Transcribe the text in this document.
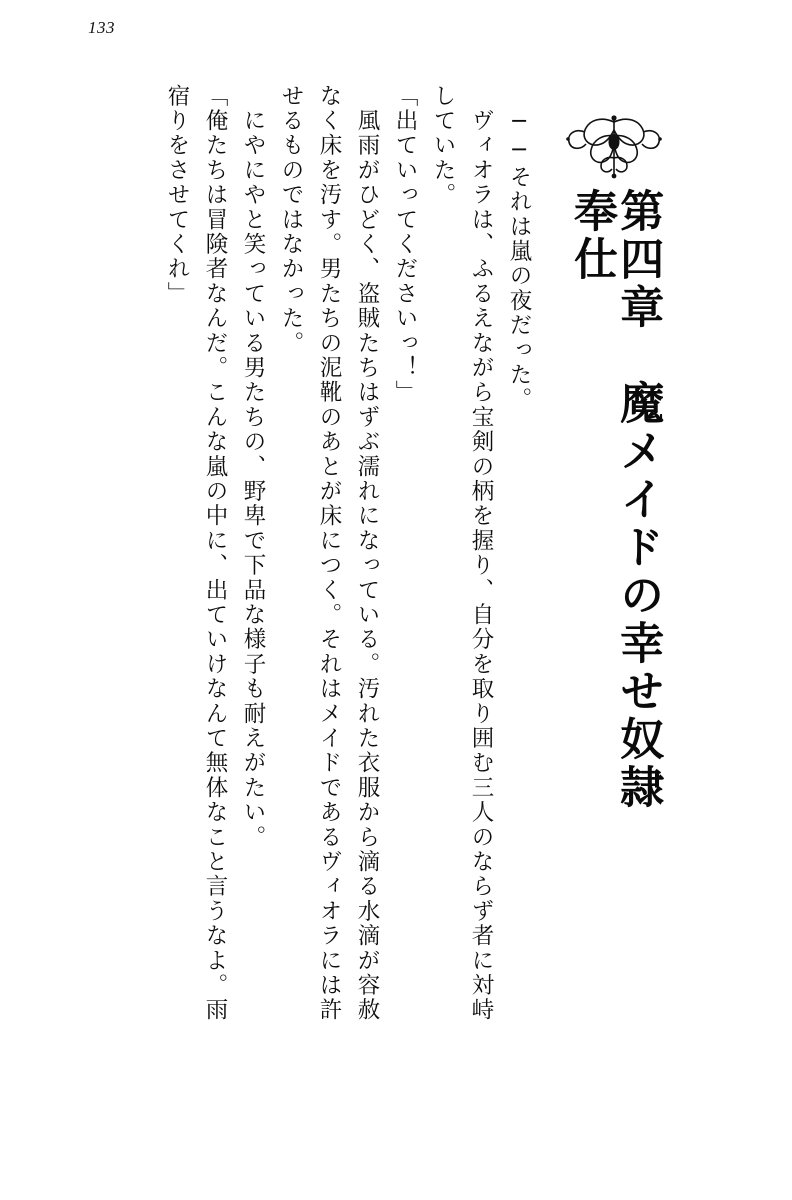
133
第四章　魔メイドの幸せ奴隷奉仕
　──それは嵐の夜だった。
　ヴィオラは、ふるえながら宝剣の柄を握り、自分を取り囲む三人のならず者に対峙
していた。
「出ていってくださいっ！」
　風雨がひどく、盗賊たちはずぶ濡れになっている。汚れた衣服から滴る水滴が容赦
なく床を汚す。男たちの泥靴のあとが床につく。それはメイドであるヴィオラには許
せるものではなかった。
　にやにやと笑っている男たちの、野卑で下品な様子も耐えがたい。
「俺たちは冒険者なんだ。こんな嵐の中に、出ていけなんて無体なこと言うなよ。雨
宿りをさせてくれ」
